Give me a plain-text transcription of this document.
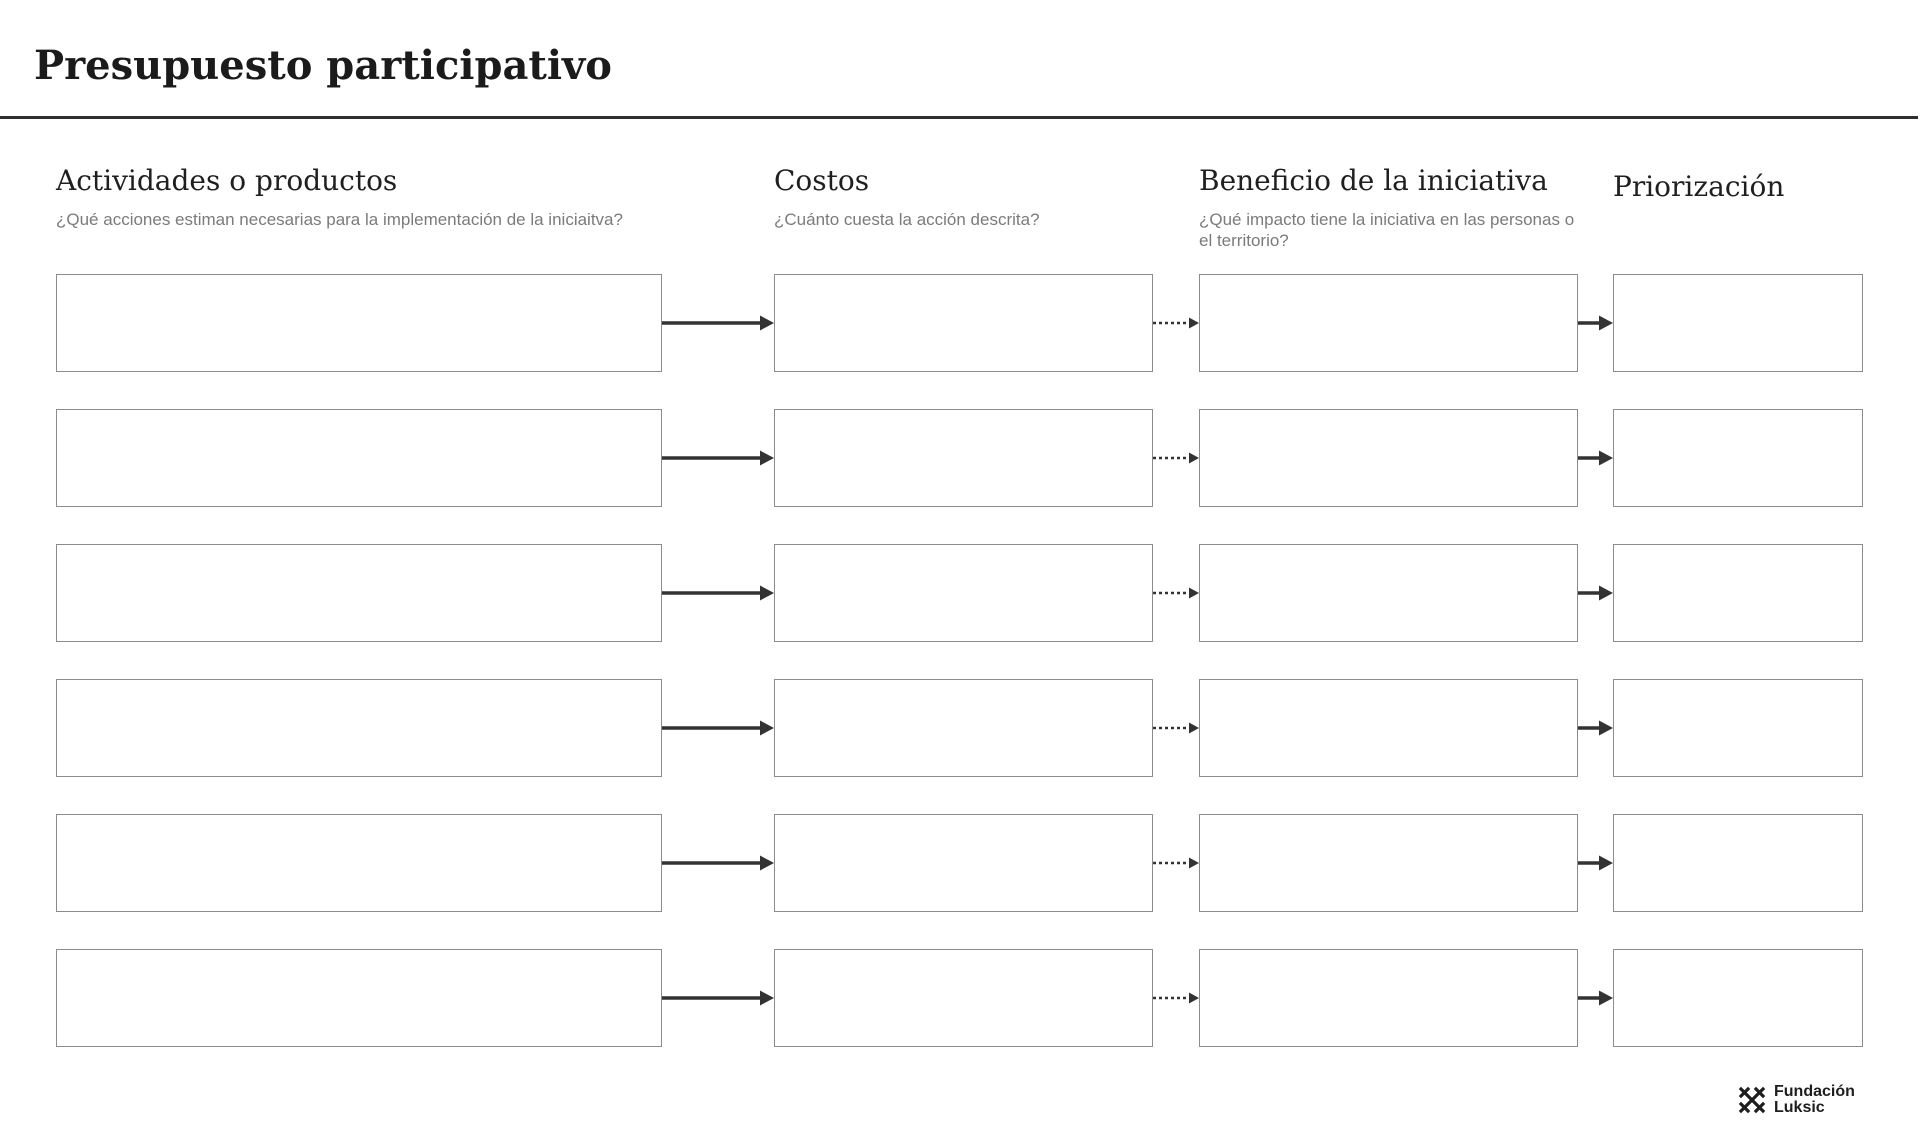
Presupuesto participativo
Actividades o productos

¿Qué acciones estiman necesarias para la implementación de la iniciaitva?

Costos

¿Cuánto cuesta la acción descrita?

Beneficio de la iniciativa

¿Qué impacto tiene la iniciativa en las personas o el territorio?

Priorización
Fundación
Luksic
